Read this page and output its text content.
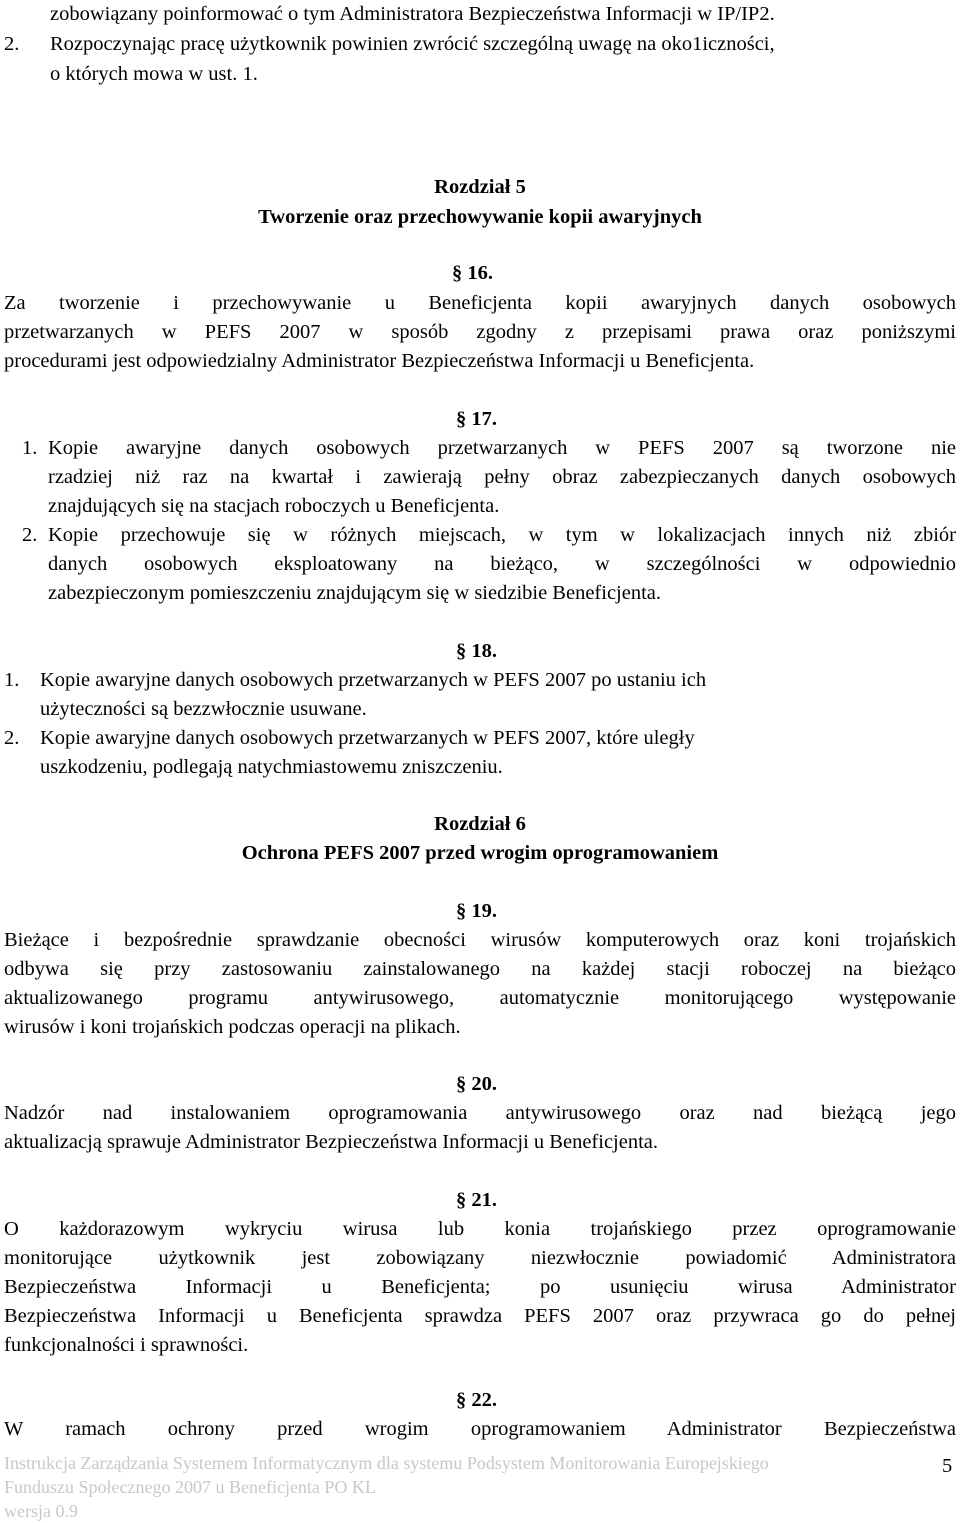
zobowiązany poinformować o tym Administratora Bezpieczeństwa Informacji w IP/IP2.
2. Rozpoczynając pracę użytkownik powinien zwrócić szczególną uwagę na oko1iczności,
o których mowa w ust. 1.
Rozdział 5
Tworzenie oraz przechowywanie kopii awaryjnych
§ 16.
Za tworzenie i przechowywanie u Beneficjenta kopii awaryjnych danych osobowych
przetwarzanych w PEFS 2007 w sposób zgodny z przepisami prawa oraz poniższymi
procedurami jest odpowiedzialny Administrator Bezpieczeństwa Informacji u Beneficjenta.
§ 17.
1. Kopie awaryjne danych osobowych przetwarzanych w PEFS 2007 są tworzone nie
rzadziej niż raz na kwartał i zawierają pełny obraz zabezpieczanych danych osobowych
znajdujących się na stacjach roboczych u Beneficjenta.
2. Kopie przechowuje się w różnych miejscach, w tym w lokalizacjach innych niż zbiór
danych osobowych eksploatowany na bieżąco, w szczególności w odpowiednio
zabezpieczonym pomieszczeniu znajdującym się w siedzibie Beneficjenta.
§ 18.
1. Kopie awaryjne danych osobowych przetwarzanych w PEFS 2007 po ustaniu ich
użyteczności są bezzwłocznie usuwane.
2. Kopie awaryjne danych osobowych przetwarzanych w PEFS 2007, które uległy
uszkodzeniu, podlegają natychmiastowemu zniszczeniu.
Rozdział 6
Ochrona PEFS 2007 przed wrogim oprogramowaniem
§ 19.
Bieżące i bezpośrednie sprawdzanie obecności wirusów komputerowych oraz koni trojańskich
odbywa się przy zastosowaniu zainstalowanego na każdej stacji roboczej na bieżąco
aktualizowanego programu antywirusowego, automatycznie monitorującego występowanie
wirusów i koni trojańskich podczas operacji na plikach.
§ 20.
Nadzór nad instalowaniem oprogramowania antywirusowego oraz nad bieżącą jego
aktualizacją sprawuje Administrator Bezpieczeństwa Informacji u Beneficjenta.
§ 21.
O każdorazowym wykryciu wirusa lub konia trojańskiego przez oprogramowanie
monitorujące użytkownik jest zobowiązany niezwłocznie powiadomić Administratora
Bezpieczeństwa Informacji u Beneficjenta; po usunięciu wirusa Administrator
Bezpieczeństwa Informacji u Beneficjenta sprawdza PEFS 2007 oraz przywraca go do pełnej
funkcjonalności i sprawności.
§ 22.
W ramach ochrony przed wrogim oprogramowaniem Administrator Bezpieczeństwa
Instrukcja Zarządzania Systemem Informatycznym dla systemu Podsystem Monitorowania Europejskiego
Funduszu Społecznego 2007 u Beneficjenta PO KL
wersja 0.9
5
